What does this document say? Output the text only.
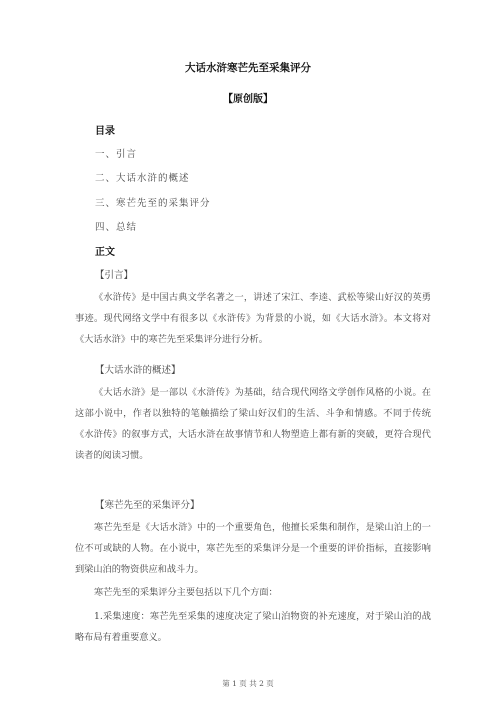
大话水浒寒芒先至采集评分
【原创版】
目录
一、引言
二、大话水浒的概述
三、寒芒先至的采集评分
四、总结
正文
【引言】

《水浒传》是中国古典文学名著之一，讲述了宋江、李逵、武松等梁山好汉的英勇事迹。现代网络文学中有很多以《水浒传》为背景的小说，如《大话水浒》。本文将对《大话水浒》中的寒芒先至采集评分进行分析。

【大话水浒的概述】

《大话水浒》是一部以《水浒传》为基础，结合现代网络文学创作风格的小说。在这部小说中，作者以独特的笔触描绘了梁山好汉们的生活、斗争和情感。不同于传统《水浒传》的叙事方式，大话水浒在故事情节和人物塑造上都有新的突破，更符合现代读者的阅读习惯。

【寒芒先至的采集评分】

寒芒先至是《大话水浒》中的一个重要角色，他擅长采集和制作，是梁山泊上的一位不可或缺的人物。在小说中，寒芒先至的采集评分是一个重要的评价指标，直接影响到梁山泊的物资供应和战斗力。

寒芒先至的采集评分主要包括以下几个方面：

1.采集速度：寒芒先至采集的速度决定了梁山泊物资的补充速度，对于梁山泊的战略布局有着重要意义。

第 1 页 共 2 页
